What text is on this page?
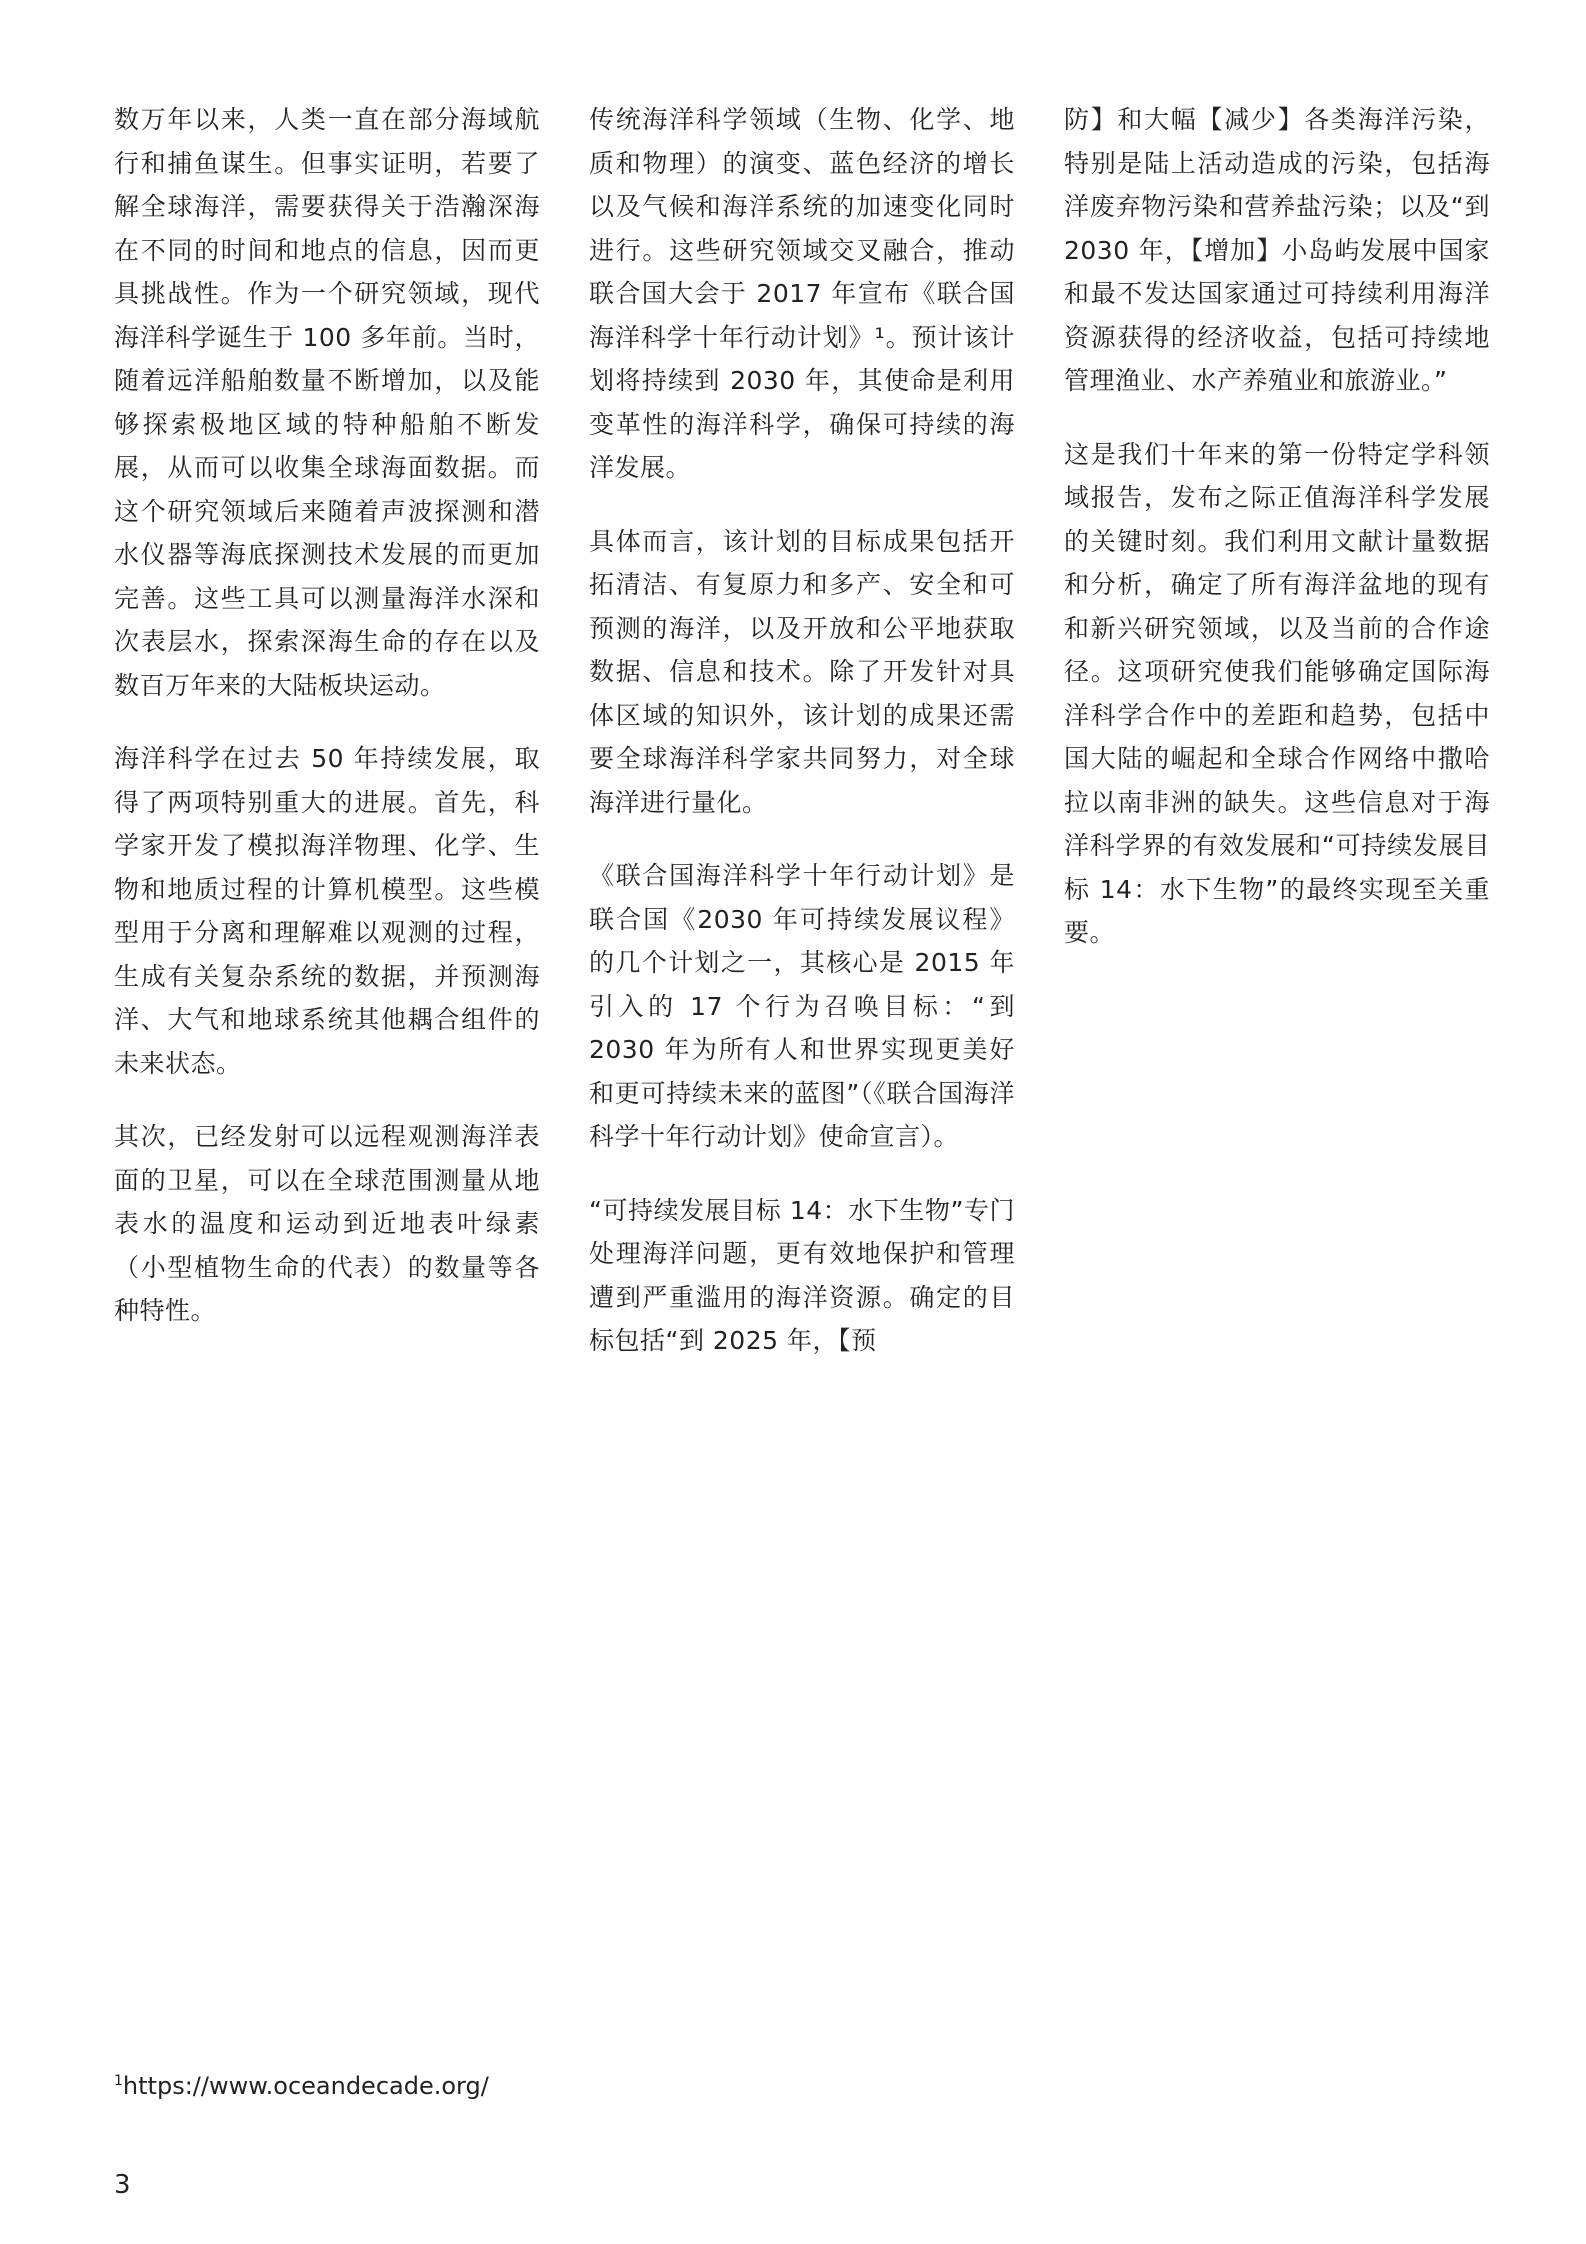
数万年以来，人类一直在部分海域航行和捕鱼谋生。但事实证明，若要了解全球海洋，需要获得关于浩瀚深海在不同的时间和地点的信息，因而更具挑战性。作为一个研究领域，现代海洋科学诞生于 100 多年前。当时，随着远洋船舶数量不断增加，以及能够探索极地区域的特种船舶不断发展，从而可以收集全球海面数据。而这个研究领域后来随着声波探测和潜水仪器等海底探测技术发展的而更加完善。这些工具可以测量海洋水深和次表层水，探索深海生命的存在以及数百万年来的大陆板块运动。

海洋科学在过去 50 年持续发展，取得了两项特别重大的进展。首先，科学家开发了模拟海洋物理、化学、生物和地质过程的计算机模型。这些模型用于分离和理解难以观测的过程，生成有关复杂系统的数据，并预测海洋、大气和地球系统其他耦合组件的未来状态。

其次，已经发射可以远程观测海洋表面的卫星，可以在全球范围测量从地表水的温度和运动到近地表叶绿素（小型植物生命的代表）的数量等各种特性。

传统海洋科学领域（生物、化学、地质和物理）的演变、蓝色经济的增长以及气候和海洋系统的加速变化同时进行。这些研究领域交叉融合，推动联合国大会于 2017 年宣布《联合国海洋科学十年行动计划》¹。预计该计划将持续到 2030 年，其使命是利用变革性的海洋科学，确保可持续的海洋发展。

具体而言，该计划的目标成果包括开拓清洁、有复原力和多产、安全和可预测的海洋，以及开放和公平地获取数据、信息和技术。除了开发针对具体区域的知识外，该计划的成果还需要全球海洋科学家共同努力，对全球海洋进行量化。

《联合国海洋科学十年行动计划》是联合国《2030 年可持续发展议程》的几个计划之一，其核心是 2015 年引入的 17 个行为召唤目标：“到 2030 年为所有人和世界实现更美好和更可持续未来的蓝图”（《联合国海洋科学十年行动计划》使命宣言）。

“可持续发展目标 14：水下生物”专门处理海洋问题，更有效地保护和管理遭到严重滥用的海洋资源。确定的目标包括“到 2025 年，【预

防】和大幅【减少】各类海洋污染，特别是陆上活动造成的污染，包括海洋废弃物污染和营养盐污染；以及“到 2030 年，【增加】小岛屿发展中国家和最不发达国家通过可持续利用海洋资源获得的经济收益，包括可持续地管理渔业、水产养殖业和旅游业。”

这是我们十年来的第一份特定学科领域报告，发布之际正值海洋科学发展的关键时刻。我们利用文献计量数据和分析，确定了所有海洋盆地的现有和新兴研究领域，以及当前的合作途径。这项研究使我们能够确定国际海洋科学合作中的差距和趋势，包括中国大陆的崛起和全球合作网络中撒哈拉以南非洲的缺失。这些信息对于海洋科学界的有效发展和“可持续发展目标 14：水下生物”的最终实现至关重要。

$^1$https://www.oceandecade.org/
3
